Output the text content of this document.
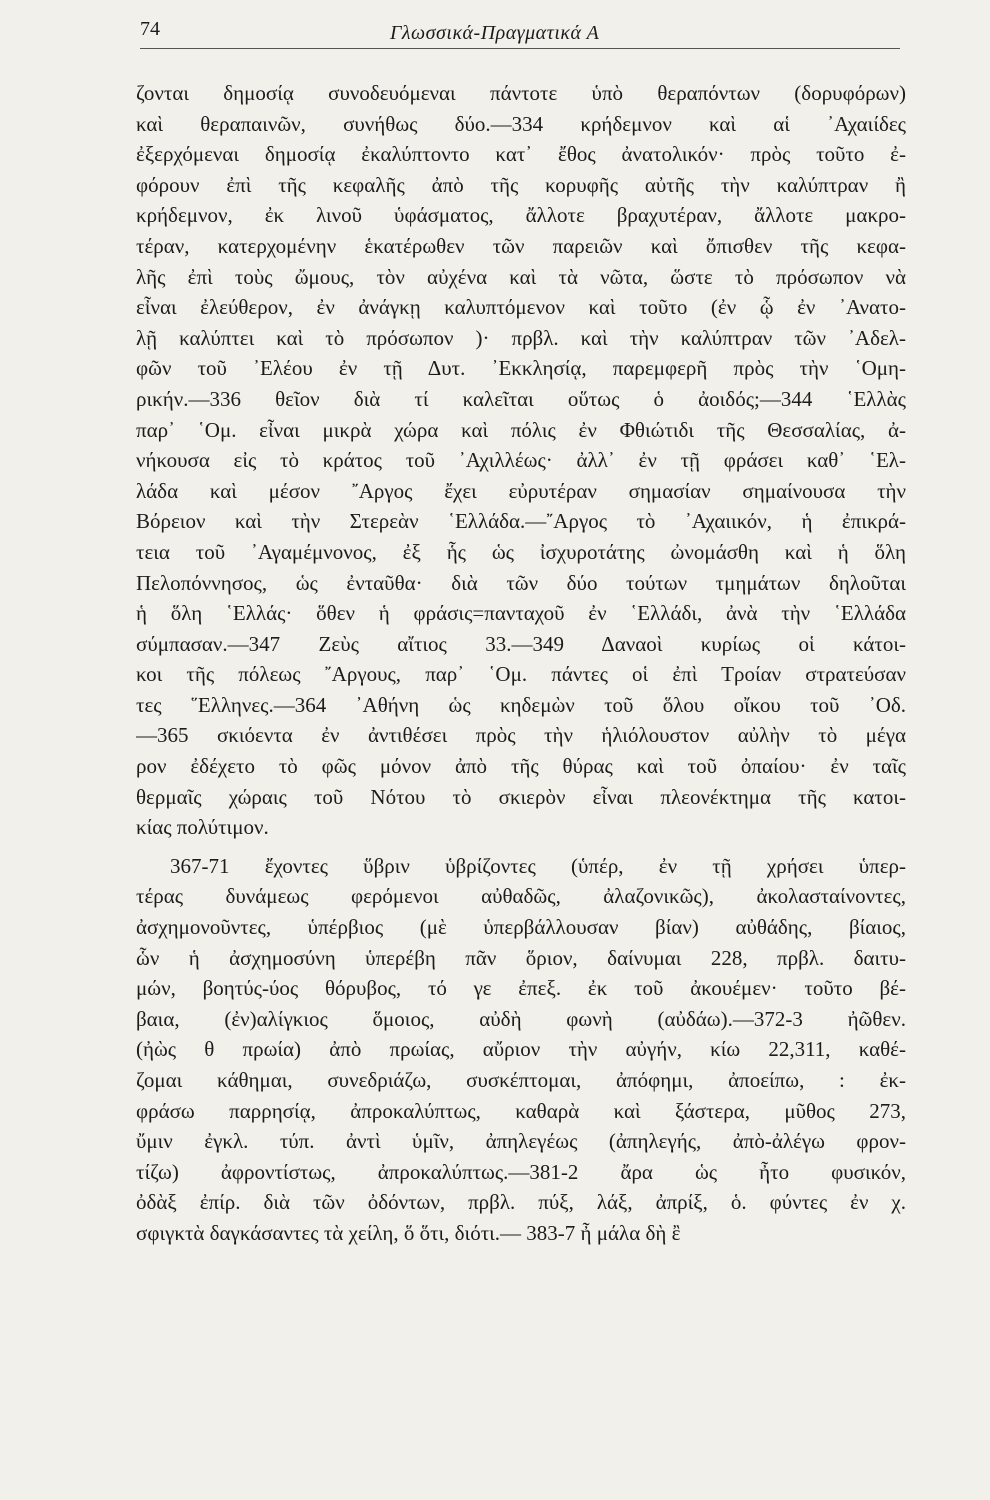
74	Γλωσσικά-Πραγματικά Α
ζονται δημοσίᾳ συνοδευόμεναι πάντοτε ὑπὸ θεραπόντων (δορυφόρων)
καὶ θεραπαινῶν, συνήθως δύο.—334 κρήδεμνον καὶ αἱ ᾿Αχαιίδες
ἐξερχόμεναι δημοσίᾳ ἐκαλύπτοντο κατ᾿ ἔθος ἀνατολικόν· πρὸς τοῦτο ἐ-
φόρουν ἐπὶ τῆς κεφαλῆς ἀπὸ τῆς κορυφῆς αὐτῆς τὴν καλύπτραν ἢ
κρήδεμνον, ἐκ λινοῦ ὑφάσματος, ἄλλοτε βραχυτέραν, ἄλλοτε μακρο-
τέραν, κατερχομένην ἑκατέρωθεν τῶν παρειῶν καὶ ὄπισθεν τῆς κεφα-
λῆς ἐπὶ τοὺς ὤμους, τὸν αὐχένα καὶ τὰ νῶτα, ὥστε τὸ πρόσωπον νὰ
εἶναι ἐλεύθερον, ἐν ἀνάγκῃ καλυπτόμενον καὶ τοῦτο (ἐν ᾧ ἐν ᾿Ανατο-
λῇ καλύπτει καὶ τὸ πρόσωπον )· πρβλ. καὶ τὴν καλύπτραν τῶν ᾿Αδελ-
φῶν τοῦ ᾿Ελέου ἐν τῇ Δυτ. ᾿Εκκλησίᾳ, παρεμφερῆ πρὸς τὴν ῾Ομη-
ρικήν.—336 θεῖον διὰ τί καλεῖται οὕτως ὁ ἀοιδός;—344 ῾Ελλὰς
παρ᾿ ῾Ομ. εἶναι μικρὰ χώρα καὶ πόλις ἐν Φθιώτιδι τῆς Θεσσαλίας, ἀ-
νήκουσα εἰς τὸ κράτος τοῦ ᾿Αχιλλέως· ἀλλ᾿ ἐν τῇ φράσει καθ᾿ ῾Ελ-
λάδα καὶ μέσον ῎Αργος ἔχει εὐρυτέραν σημασίαν σημαίνουσα τὴν
Βόρειον καὶ τὴν Στερεὰν ῾Ελλάδα.—῎Αργος τὸ ᾿Αχαιικόν, ἡ ἐπικρά-
τεια τοῦ ᾿Αγαμέμνονος, ἐξ ἧς ὡς ἰσχυροτάτης ὠνομάσθη καὶ ἡ ὅλη
Πελοπόννησος, ὡς ἐνταῦθα· διὰ τῶν δύο τούτων τμημάτων δηλοῦται
ἡ ὅλη ῾Ελλάς· ὅθεν ἡ φράσις=πανταχοῦ ἐν ῾Ελλάδι, ἀνὰ τὴν ῾Ελλάδα
σύμπασαν.—347 Ζεὺς αἴτιος 33.—349 Δαναοὶ κυρίως οἱ κάτοι-
κοι τῆς πόλεως ῎Αργους, παρ᾿ ῾Ομ. πάντες οἱ ἐπὶ Τροίαν στρατεύσαν
τες ῞Ελληνες.—364 ᾿Αθήνη ὡς κηδεμὼν τοῦ ὅλου οἴκου τοῦ ᾿Οδ.
—365 σκιόεντα ἐν ἀντιθέσει πρὸς τὴν ἡλιόλουστον αὐλὴν τὸ μέγα
ρον ἐδέχετο τὸ φῶς μόνον ἀπὸ τῆς θύρας καὶ τοῦ ὀπαίου· ἐν ταῖς
θερμαῖς χώραις τοῦ Νότου τὸ σκιερὸν εἶναι πλεονέκτημα τῆς κατοι-
κίας πολύτιμον.
367-71 ἔχοντες ὕβριν ὑβρίζοντες (ὑπέρ, ἐν τῇ χρήσει ὑπερ-
τέρας δυνάμεως φερόμενοι αὐθαδῶς, ἀλαζονικῶς), ἀκολασταίνοντες,
ἀσχημονοῦντες, ὑπέρβιος (μὲ ὑπερβάλλουσαν βίαν) αὐθάδης, βίαιος,
ὧν ἡ ἀσχημοσύνη ὑπερέβη πᾶν ὅριον, δαίνυμαι 228, πρβλ. δαιτυ-
μών, βοητύς-ύος θόρυβος, τό γε ἐπεξ. ἐκ τοῦ ἀκουέμεν· τοῦτο βέ-
βαια, (ἐν)αλίγκιος ὅμοιος, αὐδὴ φωνὴ (αὐδάω).—372-3 ἠῶθεν.
(ἠὼς θ πρωία) ἀπὸ πρωίας, αὔριον τὴν αὐγήν, κίω 22,311, καθέ-
ζομαι κάθημαι, συνεδριάζω, συσκέπτομαι, ἀπόφημι, ἀποείπω, : ἐκ-
φράσω παρρησίᾳ, ἀπροκαλύπτως, καθαρὰ καὶ ξάστερα, μῦθος 273,
ὔμιν ἐγκλ. τύπ. ἀντὶ ὑμῖν, ἀπηλεγέως (ἀπηλεγής, ἀπὸ-ἀλέγω φρον-
τίζω) ἀφροντίστως, ἀπροκαλύπτως.—381-2 ἄρα ὡς ἦτο φυσικόν,
ὀδὰξ ἐπίρ. διὰ τῶν ὀδόντων, πρβλ. πύξ, λάξ, ἀπρίξ, ὁ. φύντες ἐν χ.
σφιγκτὰ δαγκάσαντες τὰ χείλη, ὅ ὅτι, διότι.— 383-7 ἦ μάλα δὴ ἒ
